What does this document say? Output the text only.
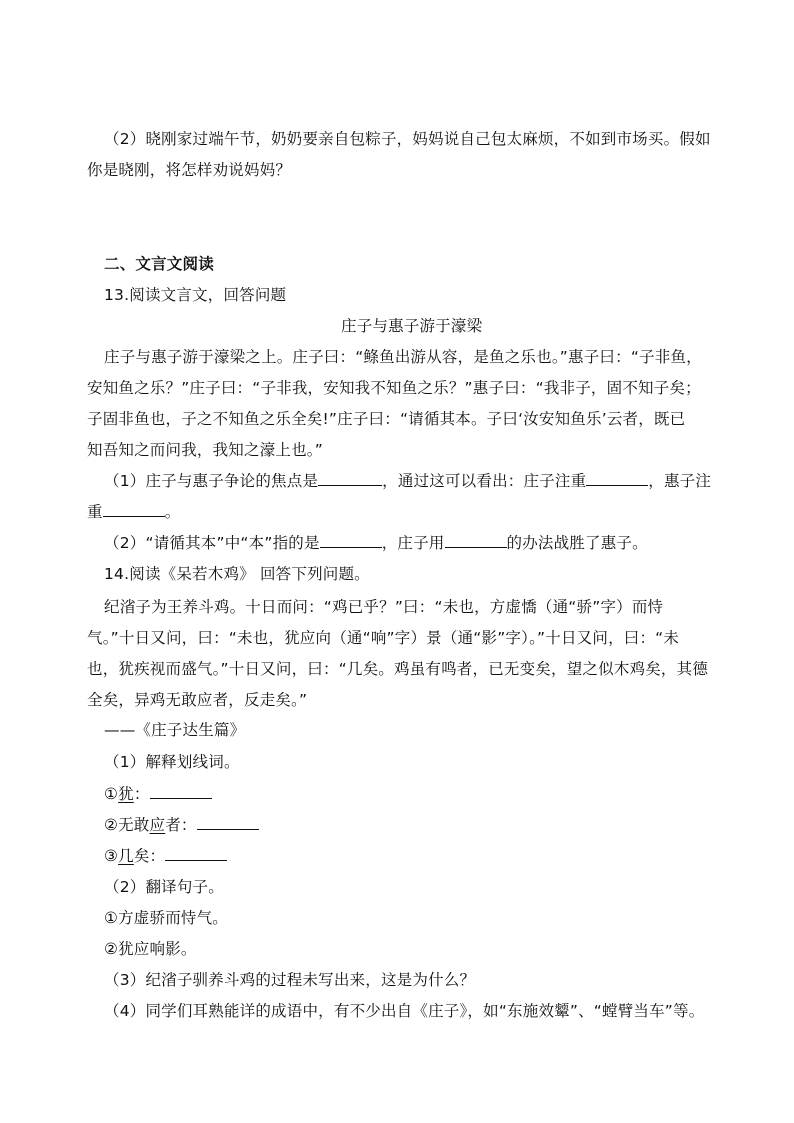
（2）晓刚家过端午节，奶奶要亲自包粽子，妈妈说自己包太麻烦，不如到市场买。假如
你是晓刚，将怎样劝说妈妈？
二、文言文阅读
13.阅读文言文，回答问题
庄子与惠子游于濠梁
庄子与惠子游于濠梁之上。庄子曰：“鲦鱼出游从容，是鱼之乐也。”惠子曰：“子非鱼，
安知鱼之乐？”庄子曰：“子非我，安知我不知鱼之乐？”惠子曰：“我非子，固不知子矣；
子固非鱼也，子之不知鱼之乐全矣!”庄子曰：“请循其本。子曰‘汝安知鱼乐’云者，既已
知吾知之而问我，我知之濠上也。”
（1）庄子与惠子争论的焦点是	，通过这可以看出：庄子注重	，惠子注
重	。
（2）“请循其本”中“本”指的是	，庄子用	的办法战胜了惠子。
14.阅读《呆若木鸡》 回答下列问题。
纪渻子为王养斗鸡。十日而问：“鸡已乎？”曰：“未也，方虚憍（通“骄”字）而恃
气。”十日又问，曰：“未也，犹应向（通“响”字）景（通“影”字）。”十日又问，曰：“未
也，犹疾视而盛气。”十日又问，曰：“几矣。鸡虽有鸣者，已无变矣，望之似木鸡矣，其德
全矣，异鸡无敢应者，反走矣。”
——《庄子达生篇》
（1）解释划线词。
①犹：
②无敢应者：
③几矣：
（2）翻译句子。
①方虚骄而恃气。
②犹应响影。
（3）纪渻子驯养斗鸡的过程未写出来，这是为什么？
（4）同学们耳熟能详的成语中，有不少出自《庄子》，如“东施效颦”、“螳臂当车”等。
